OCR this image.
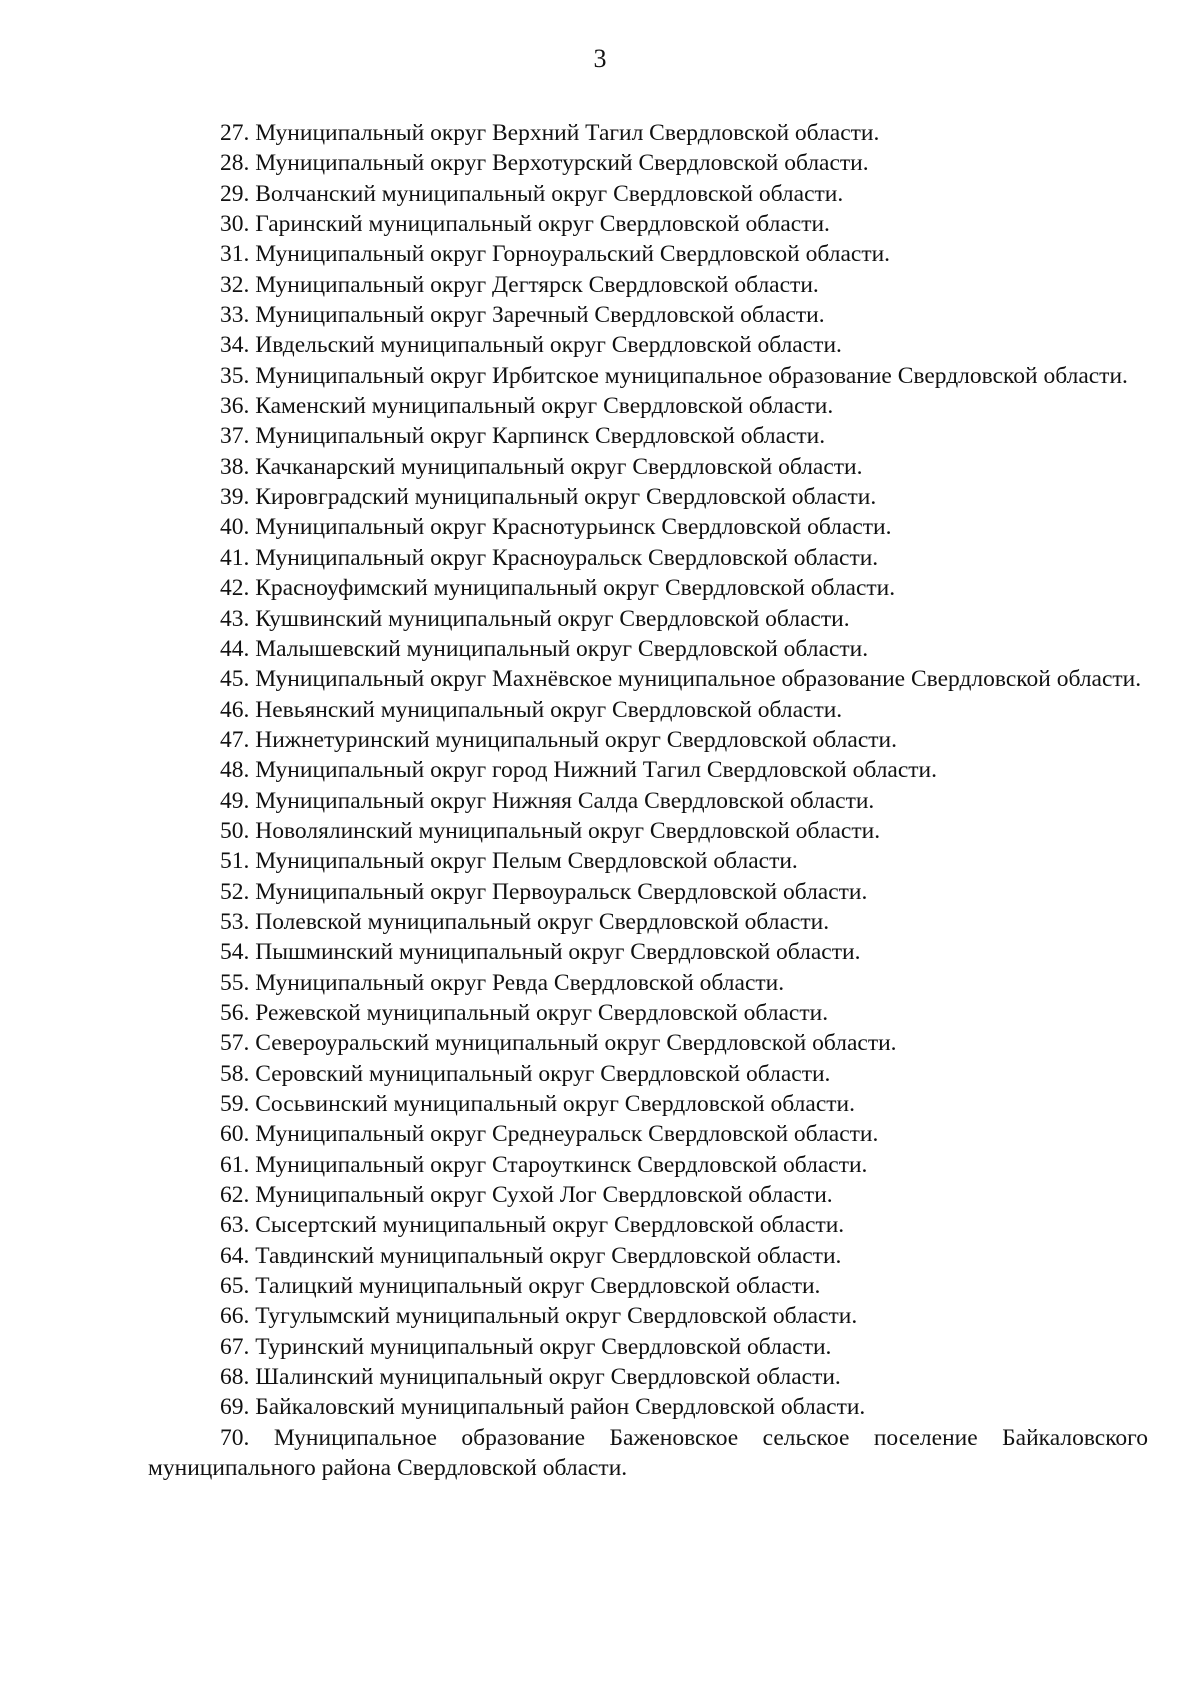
3

27. Муниципальный округ Верхний Тагил Свердловской области.

28. Муниципальный округ Верхотурский Свердловской области.

29. Волчанский муниципальный округ Свердловской области.

30. Гаринский муниципальный округ Свердловской области.

31. Муниципальный округ Горноуральский Свердловской области.

32. Муниципальный округ Дегтярск Свердловской области.

33. Муниципальный округ Заречный Свердловской области.

34. Ивдельский муниципальный округ Свердловской области.

35. Муниципальный округ Ирбитское муниципальное образование Свердловской области.

36. Каменский муниципальный округ Свердловской области.

37. Муниципальный округ Карпинск Свердловской области.

38. Качканарский муниципальный округ Свердловской области.

39. Кировградский муниципальный округ Свердловской области.

40. Муниципальный округ Краснотурьинск Свердловской области.

41. Муниципальный округ Красноуральск Свердловской области.

42. Красноуфимский муниципальный округ Свердловской области.

43. Кушвинский муниципальный округ Свердловской области.

44. Малышевский муниципальный округ Свердловской области.

45. Муниципальный округ Махнёвское муниципальное образование Свердловской области.

46. Невьянский муниципальный округ Свердловской области.

47. Нижнетуринский муниципальный округ Свердловской области.

48. Муниципальный округ город Нижний Тагил Свердловской области.

49. Муниципальный округ Нижняя Салда Свердловской области.

50. Новолялинский муниципальный округ Свердловской области.

51. Муниципальный округ Пелым Свердловской области.

52. Муниципальный округ Первоуральск Свердловской области.

53. Полевской муниципальный округ Свердловской области.

54. Пышминский муниципальный округ Свердловской области.

55. Муниципальный округ Ревда Свердловской области.

56. Режевской муниципальный округ Свердловской области.

57. Североуральский муниципальный округ Свердловской области.

58. Серовский муниципальный округ Свердловской области.

59. Сосьвинский муниципальный округ Свердловской области.

60. Муниципальный округ Среднеуральск Свердловской области.

61. Муниципальный округ Староуткинск Свердловской области.

62. Муниципальный округ Сухой Лог Свердловской области.

63. Сысертский муниципальный округ Свердловской области.

64. Тавдинский муниципальный округ Свердловской области.

65. Талицкий муниципальный округ Свердловской области.

66. Тугулымский муниципальный округ Свердловской области.

67. Туринский муниципальный округ Свердловской области.

68. Шалинский муниципальный округ Свердловской области.

69. Байкаловский муниципальный район Свердловской области.

70. Муниципальное образование Баженовское сельское поселение Байкаловского муниципального района Свердловской области.
